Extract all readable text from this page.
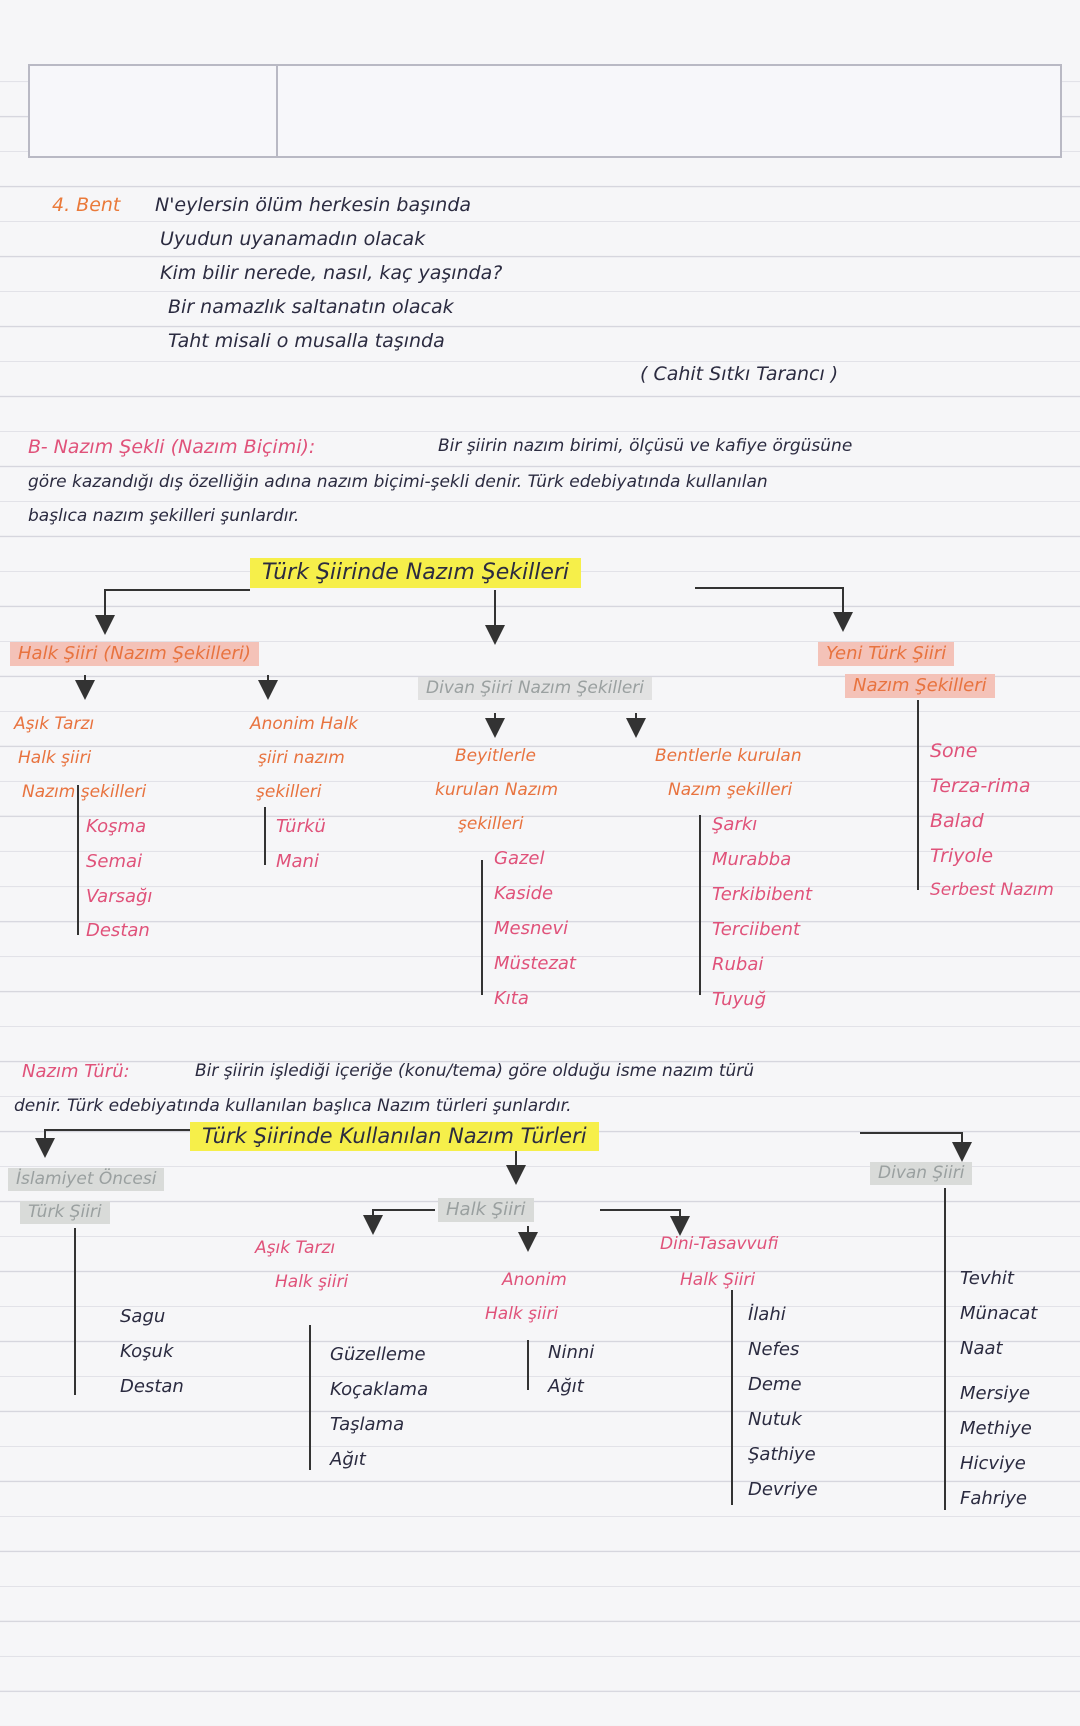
4. Bent N'eylersin ölüm herkesin başında
Uyudun uyanamadın olacak
Kim bilir nerede, nasıl, kaç yaşında?
Bir namazlık saltanatın olacak
Taht misali o musalla taşında
( Cahit Sıtkı Tarancı )
B- Nazım Şekli (Nazım Biçimi):	Bir şiirin nazım birimi, ölçüsü ve kafiye örgüsüne
göre kazandığı dış özelliğin adına nazım biçimi-şekli denir. Türk edebiyatında kullanılan
başlıca nazım şekilleri şunlardır.
Türk Şiirinde Nazım Şekilleri
Halk Şiiri (Nazım Şekilleri)
Divan Şiiri Nazım Şekilleri
Yeni Türk Şiiri
Nazım Şekilleri
Aşık Tarzı
Halk şiiri
Nazım şekilleri
Koşma
Semai
Varsağı
Destan
Anonim Halk
şiiri nazım
şekilleri
Türkü
Mani
Beyitlerle
kurulan Nazım
şekilleri
Gazel
Kaside
Mesnevi
Müstezat
Kıta
Bentlerle kurulan
Nazım şekilleri
Şarkı
Murabba
Terkibibent
Terciibent
Rubai
Tuyuğ
Sone
Terza-rima
Balad
Triyole
Serbest Nazım
Nazım Türü:	Bir şiirin işlediği içeriğe (konu/tema) göre olduğu isme nazım türü
denir. Türk edebiyatında kullanılan başlıca Nazım türleri şunlardır.
Türk Şiirinde Kullanılan Nazım Türleri
İslamiyet Öncesi
Türk Şiiri
Sagu
Koşuk
Destan
Halk Şiiri
Aşık Tarzı
Halk şiiri
Güzelleme
Koçaklama
Taşlama
Ağıt
Anonim
Halk şiiri
Ninni
Ağıt
Dini-Tasavvufi
Halk Şiiri
İlahi
Nefes
Deme
Nutuk
Şathiye
Devriye
Divan Şiiri
Tevhit
Münacat
Naat
Mersiye
Methiye
Hicviye
Fahriye
